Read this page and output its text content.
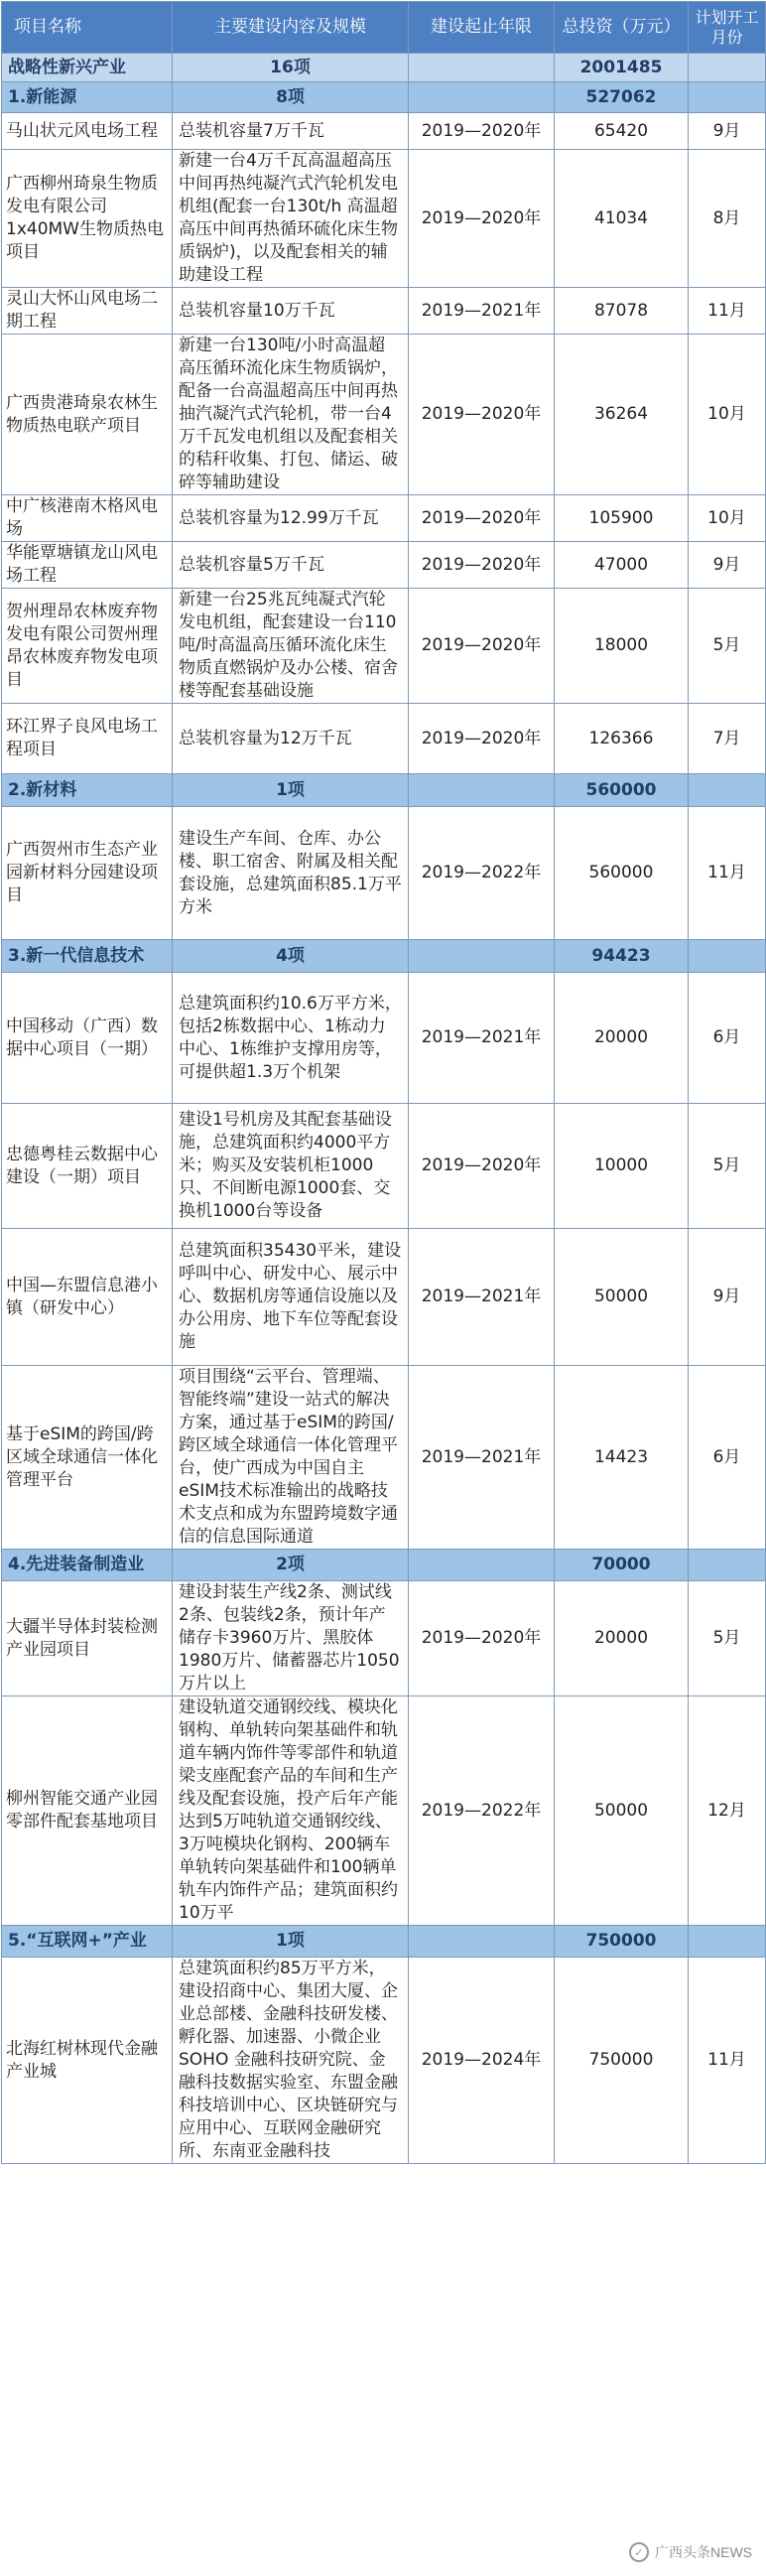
项目名称	主要建设内容及规模	建设起止年限	总投资（万元）	计划开工月份
战略性新兴产业	16项		2001485	
1.新能源	8项		527062	
马山状元风电场工程	总装机容量7万千瓦	2019—2020年	65420	9月
广西柳州琦泉生物质发电有限公司1x40MW生物质热电项目	新建一台4万千瓦高温超高压中间再热纯凝汽式汽轮机发电机组(配套一台130t/h 高温超高压中间再热循环硫化床生物质锅炉)，以及配套相关的辅助建设工程	2019—2020年	41034	8月
灵山大怀山风电场二期工程	总装机容量10万千瓦	2019—2021年	87078	11月
广西贵港琦泉农林生物质热电联产项目	新建一台130吨/小时高温超高压循环流化床生物质锅炉，配备一台高温超高压中间再热抽汽凝汽式汽轮机，带一台4万千瓦发电机组以及配套相关的秸秆收集、打包、储运、破碎等辅助建设	2019—2020年	36264	10月
中广核港南木格风电场	总装机容量为12.99万千瓦	2019—2020年	105900	10月
华能覃塘镇龙山风电场工程	总装机容量5万千瓦	2019—2020年	47000	9月
贺州理昂农林废弃物发电有限公司贺州理昂农林废弃物发电项目	新建一台25兆瓦纯凝式汽轮发电机组，配套建设一台110吨/时高温高压循环流化床生物质直燃锅炉及办公楼、宿舍楼等配套基础设施	2019—2020年	18000	5月
环江界子良风电场工程项目	总装机容量为12万千瓦	2019—2020年	126366	7月
2.新材料	1项		560000	
广西贺州市生态产业园新材料分园建设项目	建设生产车间、仓库、办公楼、职工宿舍、附属及相关配套设施，总建筑面积85.1万平方米	2019—2022年	560000	11月
3.新一代信息技术	4项		94423	
中国移动（广西）数据中心项目（一期）	总建筑面积约10.6万平方米，包括2栋数据中心、1栋动力中心、1栋维护支撑用房等，可提供超1.3万个机架	2019—2021年	20000	6月
忠德粤桂云数据中心建设（一期）项目	建设1号机房及其配套基础设施，总建筑面积约4000平方米；购买及安装机柜1000只、不间断电源1000套、交换机1000台等设备	2019—2020年	10000	5月
中国—东盟信息港小镇（研发中心）	总建筑面积35430平米，建设呼叫中心、研发中心、展示中心、数据机房等通信设施以及办公用房、地下车位等配套设施	2019—2021年	50000	9月
基于eSIM的跨国/跨区域全球通信一体化管理平台	项目围绕“云平台、管理端、智能终端”建设一站式的解决方案，通过基于eSIM的跨国/跨区域全球通信一体化管理平台，使广西成为中国自主eSIM技术标准输出的战略技术支点和成为东盟跨境数字通信的信息国际通道	2019—2021年	14423	6月
4.先进装备制造业	2项		70000	
大疆半导体封装检测产业园项目	建设封装生产线2条、测试线2条、包装线2条，预计年产储存卡3960万片、黑胶体1980万片、储蓄器芯片1050万片以上	2019—2020年	20000	5月
柳州智能交通产业园零部件配套基地项目	建设轨道交通钢绞线、模块化钢构、单轨转向架基础件和轨道车辆内饰件等零部件和轨道梁支座配套产品的车间和生产线及配套设施，投产后年产能达到5万吨轨道交通钢绞线、3万吨模块化钢构、200辆车单轨转向架基础件和100辆单轨车内饰件产品；建筑面积约10万平	2019—2022年	50000	12月
5.“互联网+”产业	1项		750000	
北海红树林现代金融产业城	总建筑面积约85万平方米，建设招商中心、集团大厦、企业总部楼、金融科技研发楼、孵化器、加速器、小微企业SOHO 金融科技研究院、金融科技数据实验室、东盟金融科技培训中心、区块链研究与应用中心、互联网金融研究所、东南亚金融科技	2019—2024年	750000	11月
✓ 广西头条NEWS
